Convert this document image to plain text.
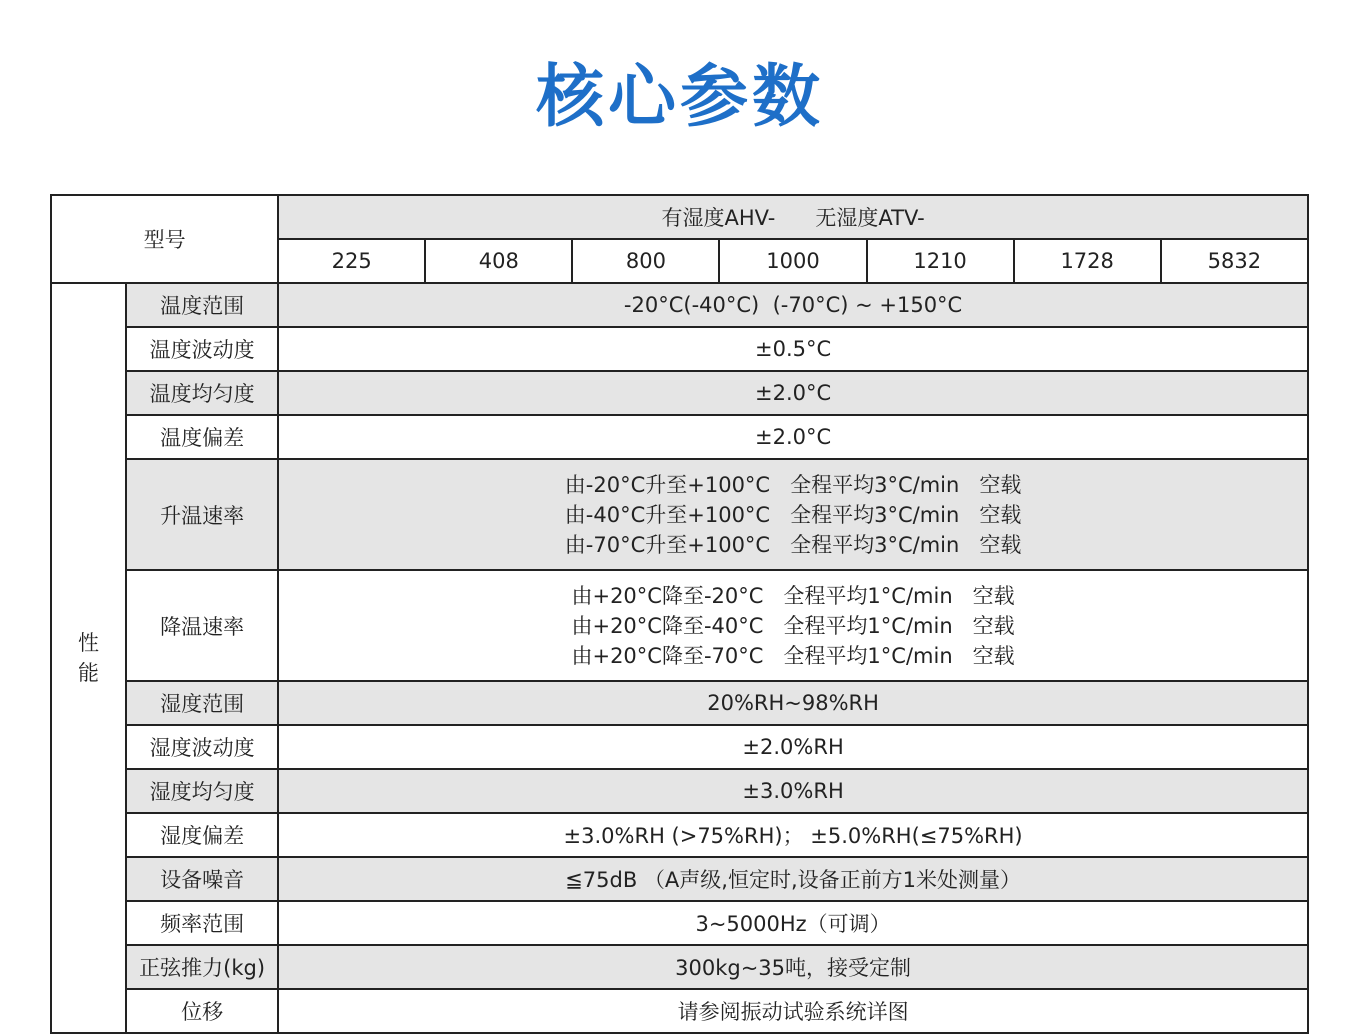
核心参数
型号		有湿度AHV- 无湿度ATV-						
		225	408	800	1000	1210	1728	5832

性
能	温度范围	-20°C(-40°C)  (-70°C) ~ +150°C						
	温度波动度	±0.5°C						
	温度均匀度	±2.0°C						
	温度偏差	±2.0°C						
	升温速率	由-20°C升至+100°C   全程平均3°C/min   空载
由-40°C升至+100°C   全程平均3°C/min   空载
由-70°C升至+100°C   全程平均3°C/min   空载						

	降温速率	由+20°C降至-20°C   全程平均1°C/min   空载
由+20°C降至-40°C   全程平均1°C/min   空载
由+20°C降至-70°C   全程平均1°C/min   空载						

	湿度范围	20%RH~98%RH						
	湿度波动度	±2.0%RH						
	湿度均匀度	±3.0%RH						
	湿度偏差	±3.0%RH (>75%RH)； ±5.0%RH(≤75%RH)						
	设备噪音	≦75dB （A声级,恒定时,设备正前方1米处测量）						
	频率范围	3~5000Hz（可调）						
	正弦推力(kg)	300kg~35吨，接受定制						
	位移	请参阅振动试验系统详图						
